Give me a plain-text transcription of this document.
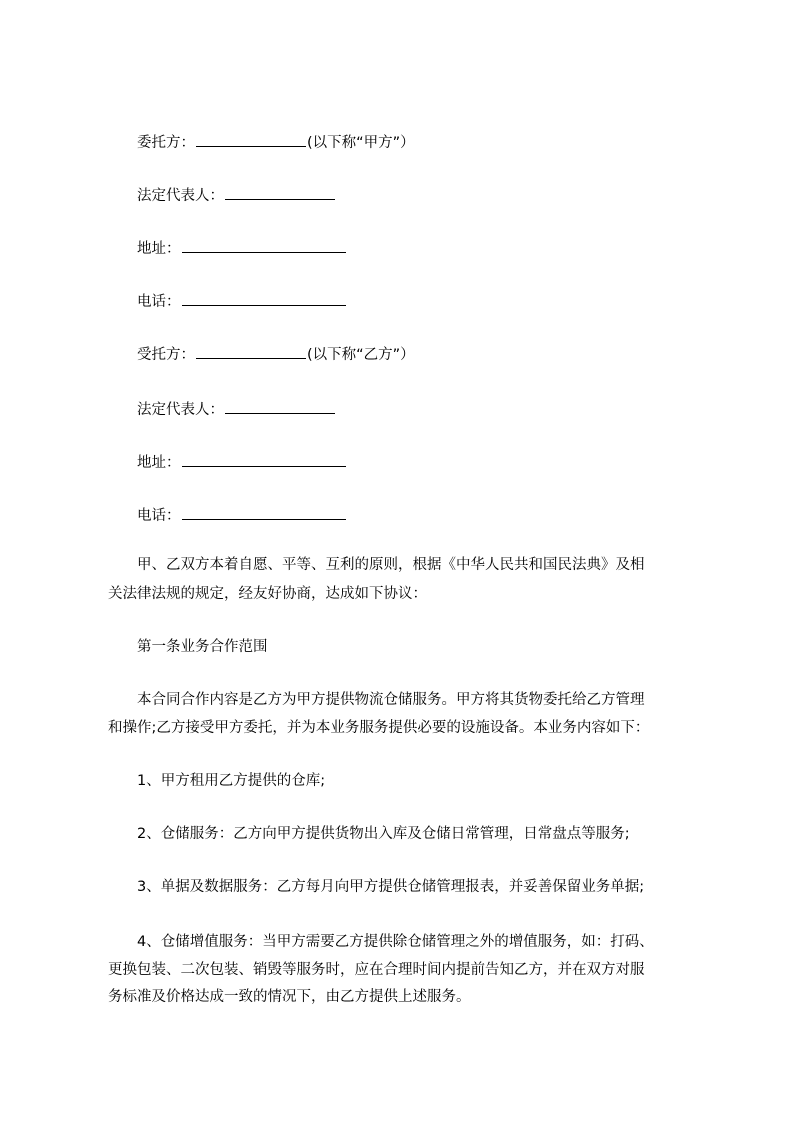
委托方：	(以下称“甲方”）
法定代表人：
地址：
电话：
受托方：	(以下称“乙方”）
法定代表人：
地址：
电话：
甲、乙双方本着自愿、平等、互利的原则，根据《中华人民共和国民法典》及相
关法律法规的规定，经友好协商，达成如下协议：
第一条业务合作范围
本合同合作内容是乙方为甲方提供物流仓储服务。甲方将其货物委托给乙方管理
和操作;乙方接受甲方委托，并为本业务服务提供必要的设施设备。本业务内容如下：
1、甲方租用乙方提供的仓库;
2、仓储服务：乙方向甲方提供货物出入库及仓储日常管理，日常盘点等服务;
3、单据及数据服务：乙方每月向甲方提供仓储管理报表，并妥善保留业务单据;
4、仓储增值服务：当甲方需要乙方提供除仓储管理之外的增值服务，如：打码、
更换包装、二次包装、销毁等服务时，应在合理时间内提前告知乙方，并在双方对服
务标准及价格达成一致的情况下，由乙方提供上述服务。
